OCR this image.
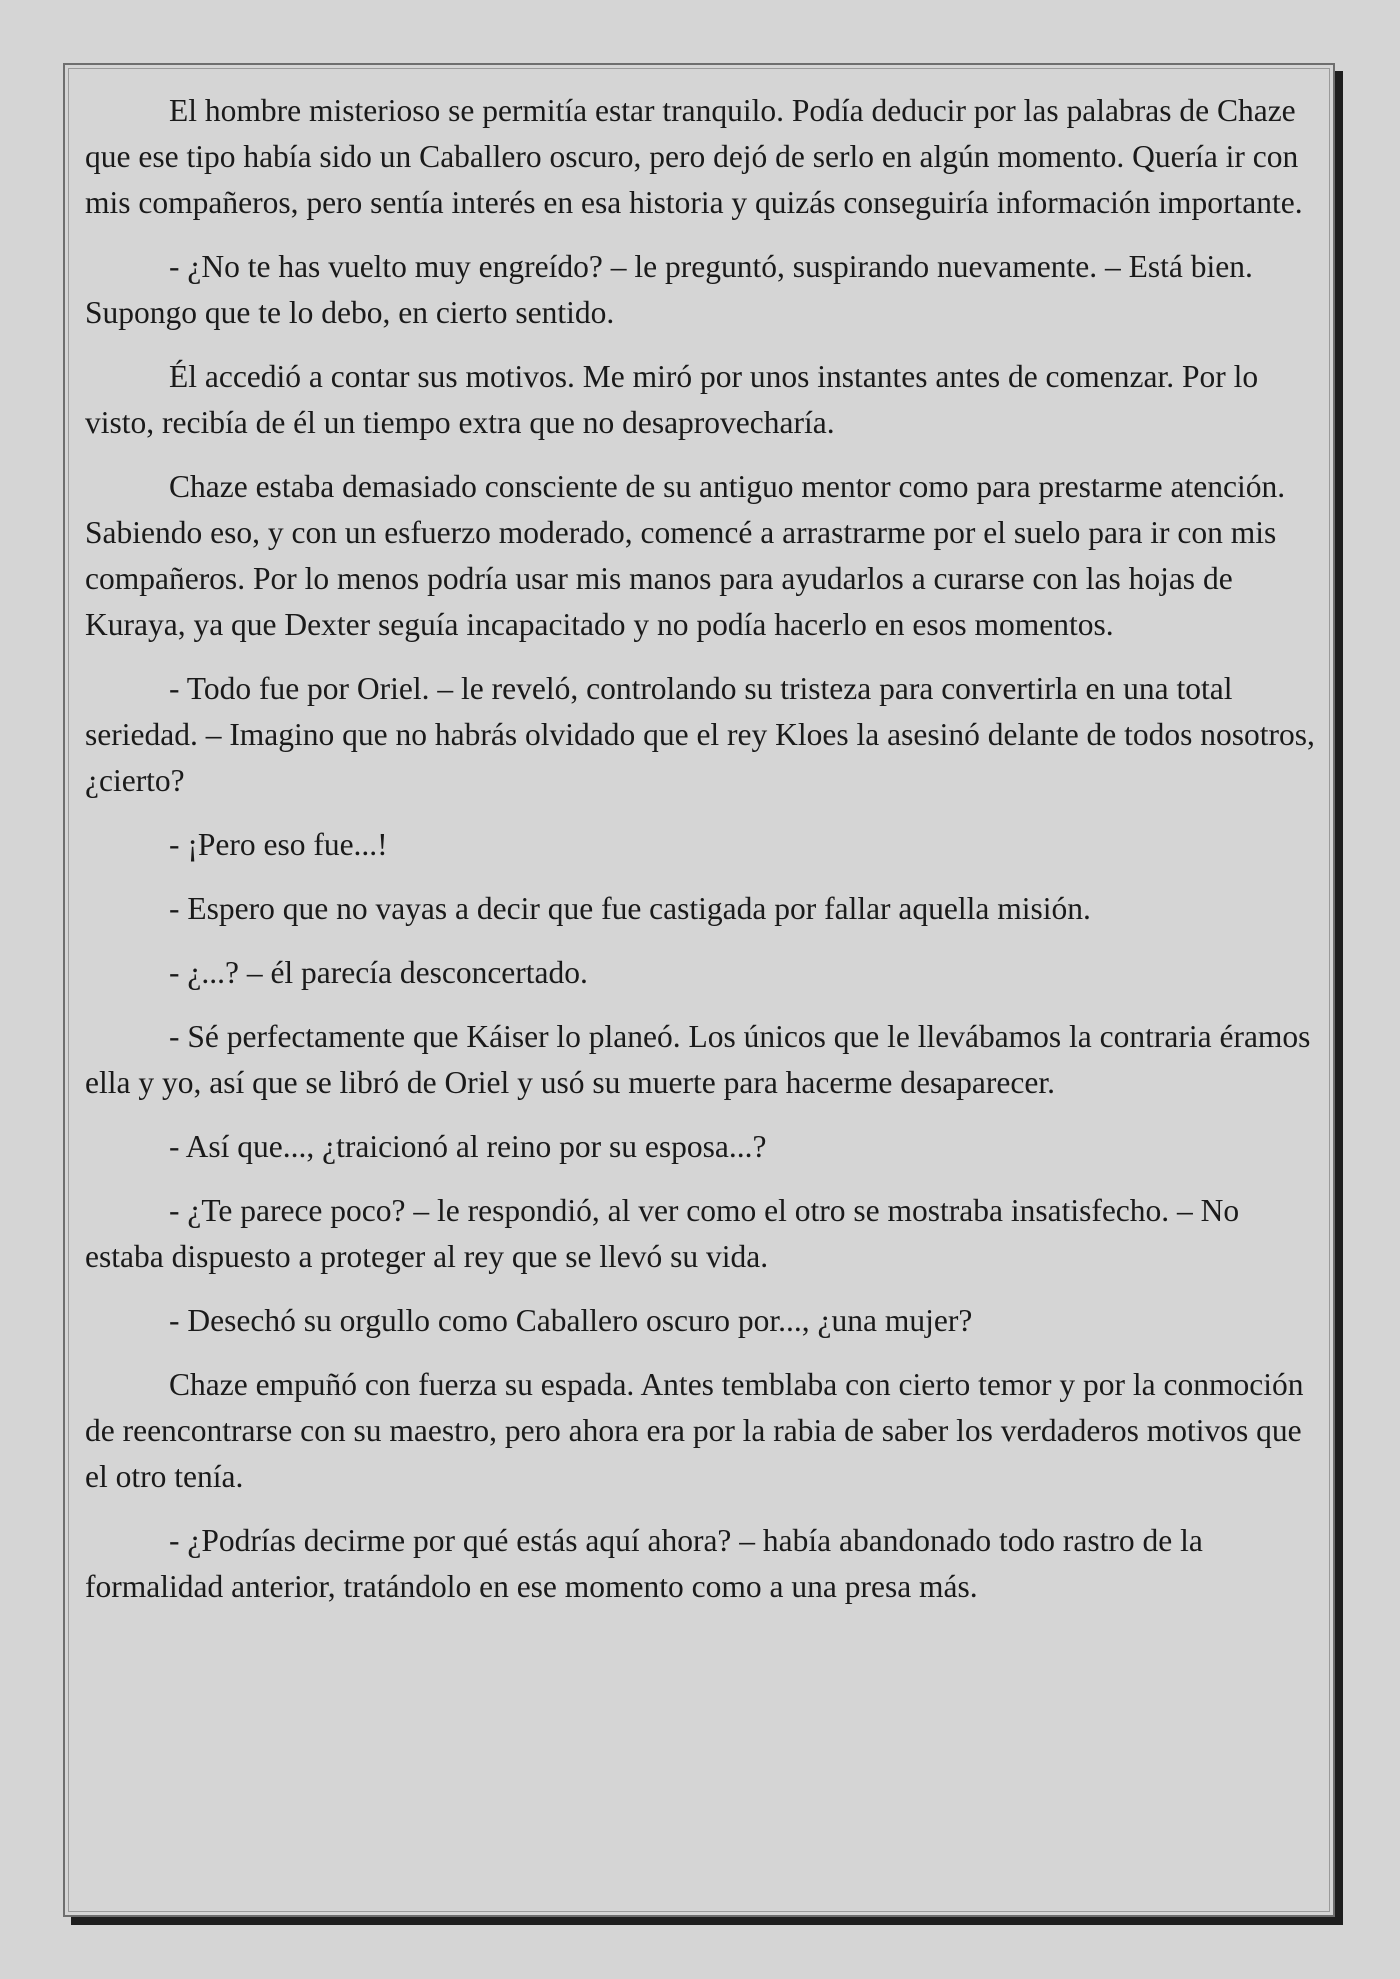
El hombre misterioso se permitía estar tranquilo. Podía deducir por las palabras de Chaze que ese tipo había sido un Caballero oscuro, pero dejó de serlo en algún momento. Quería ir con mis compañeros, pero sentía interés en esa historia y quizás conseguiría información importante.

- ¿No te has vuelto muy engreído? – le preguntó, suspirando nuevamente. – Está bien. Supongo que te lo debo, en cierto sentido.

Él accedió a contar sus motivos. Me miró por unos instantes antes de comenzar. Por lo visto, recibía de él un tiempo extra que no desaprovecharía.

Chaze estaba demasiado consciente de su antiguo mentor como para prestarme atención. Sabiendo eso, y con un esfuerzo moderado, comencé a arrastrarme por el suelo para ir con mis compañeros. Por lo menos podría usar mis manos para ayudarlos a curarse con las hojas de Kuraya, ya que Dexter seguía incapacitado y no podía hacerlo en esos momentos.

- Todo fue por Oriel. – le reveló, controlando su tristeza para convertirla en una total seriedad. – Imagino que no habrás olvidado que el rey Kloes la asesinó delante de todos nosotros, ¿cierto?

- ¡Pero eso fue...!

- Espero que no vayas a decir que fue castigada por fallar aquella misión.

- ¿...? – él parecía desconcertado.

- Sé perfectamente que Káiser lo planeó. Los únicos que le llevábamos la contraria éramos ella y yo, así que se libró de Oriel y usó su muerte para hacerme desaparecer.

- Así que..., ¿traicionó al reino por su esposa...?

- ¿Te parece poco? – le respondió, al ver como el otro se mostraba insatisfecho. – No estaba dispuesto a proteger al rey que se llevó su vida.

- Desechó su orgullo como Caballero oscuro por..., ¿una mujer?

Chaze empuñó con fuerza su espada. Antes temblaba con cierto temor y por la conmoción de reencontrarse con su maestro, pero ahora era por la rabia de saber los verdaderos motivos que el otro tenía.

- ¿Podrías decirme por qué estás aquí ahora? – había abandonado todo rastro de la formalidad anterior, tratándolo en ese momento como a una presa más.
